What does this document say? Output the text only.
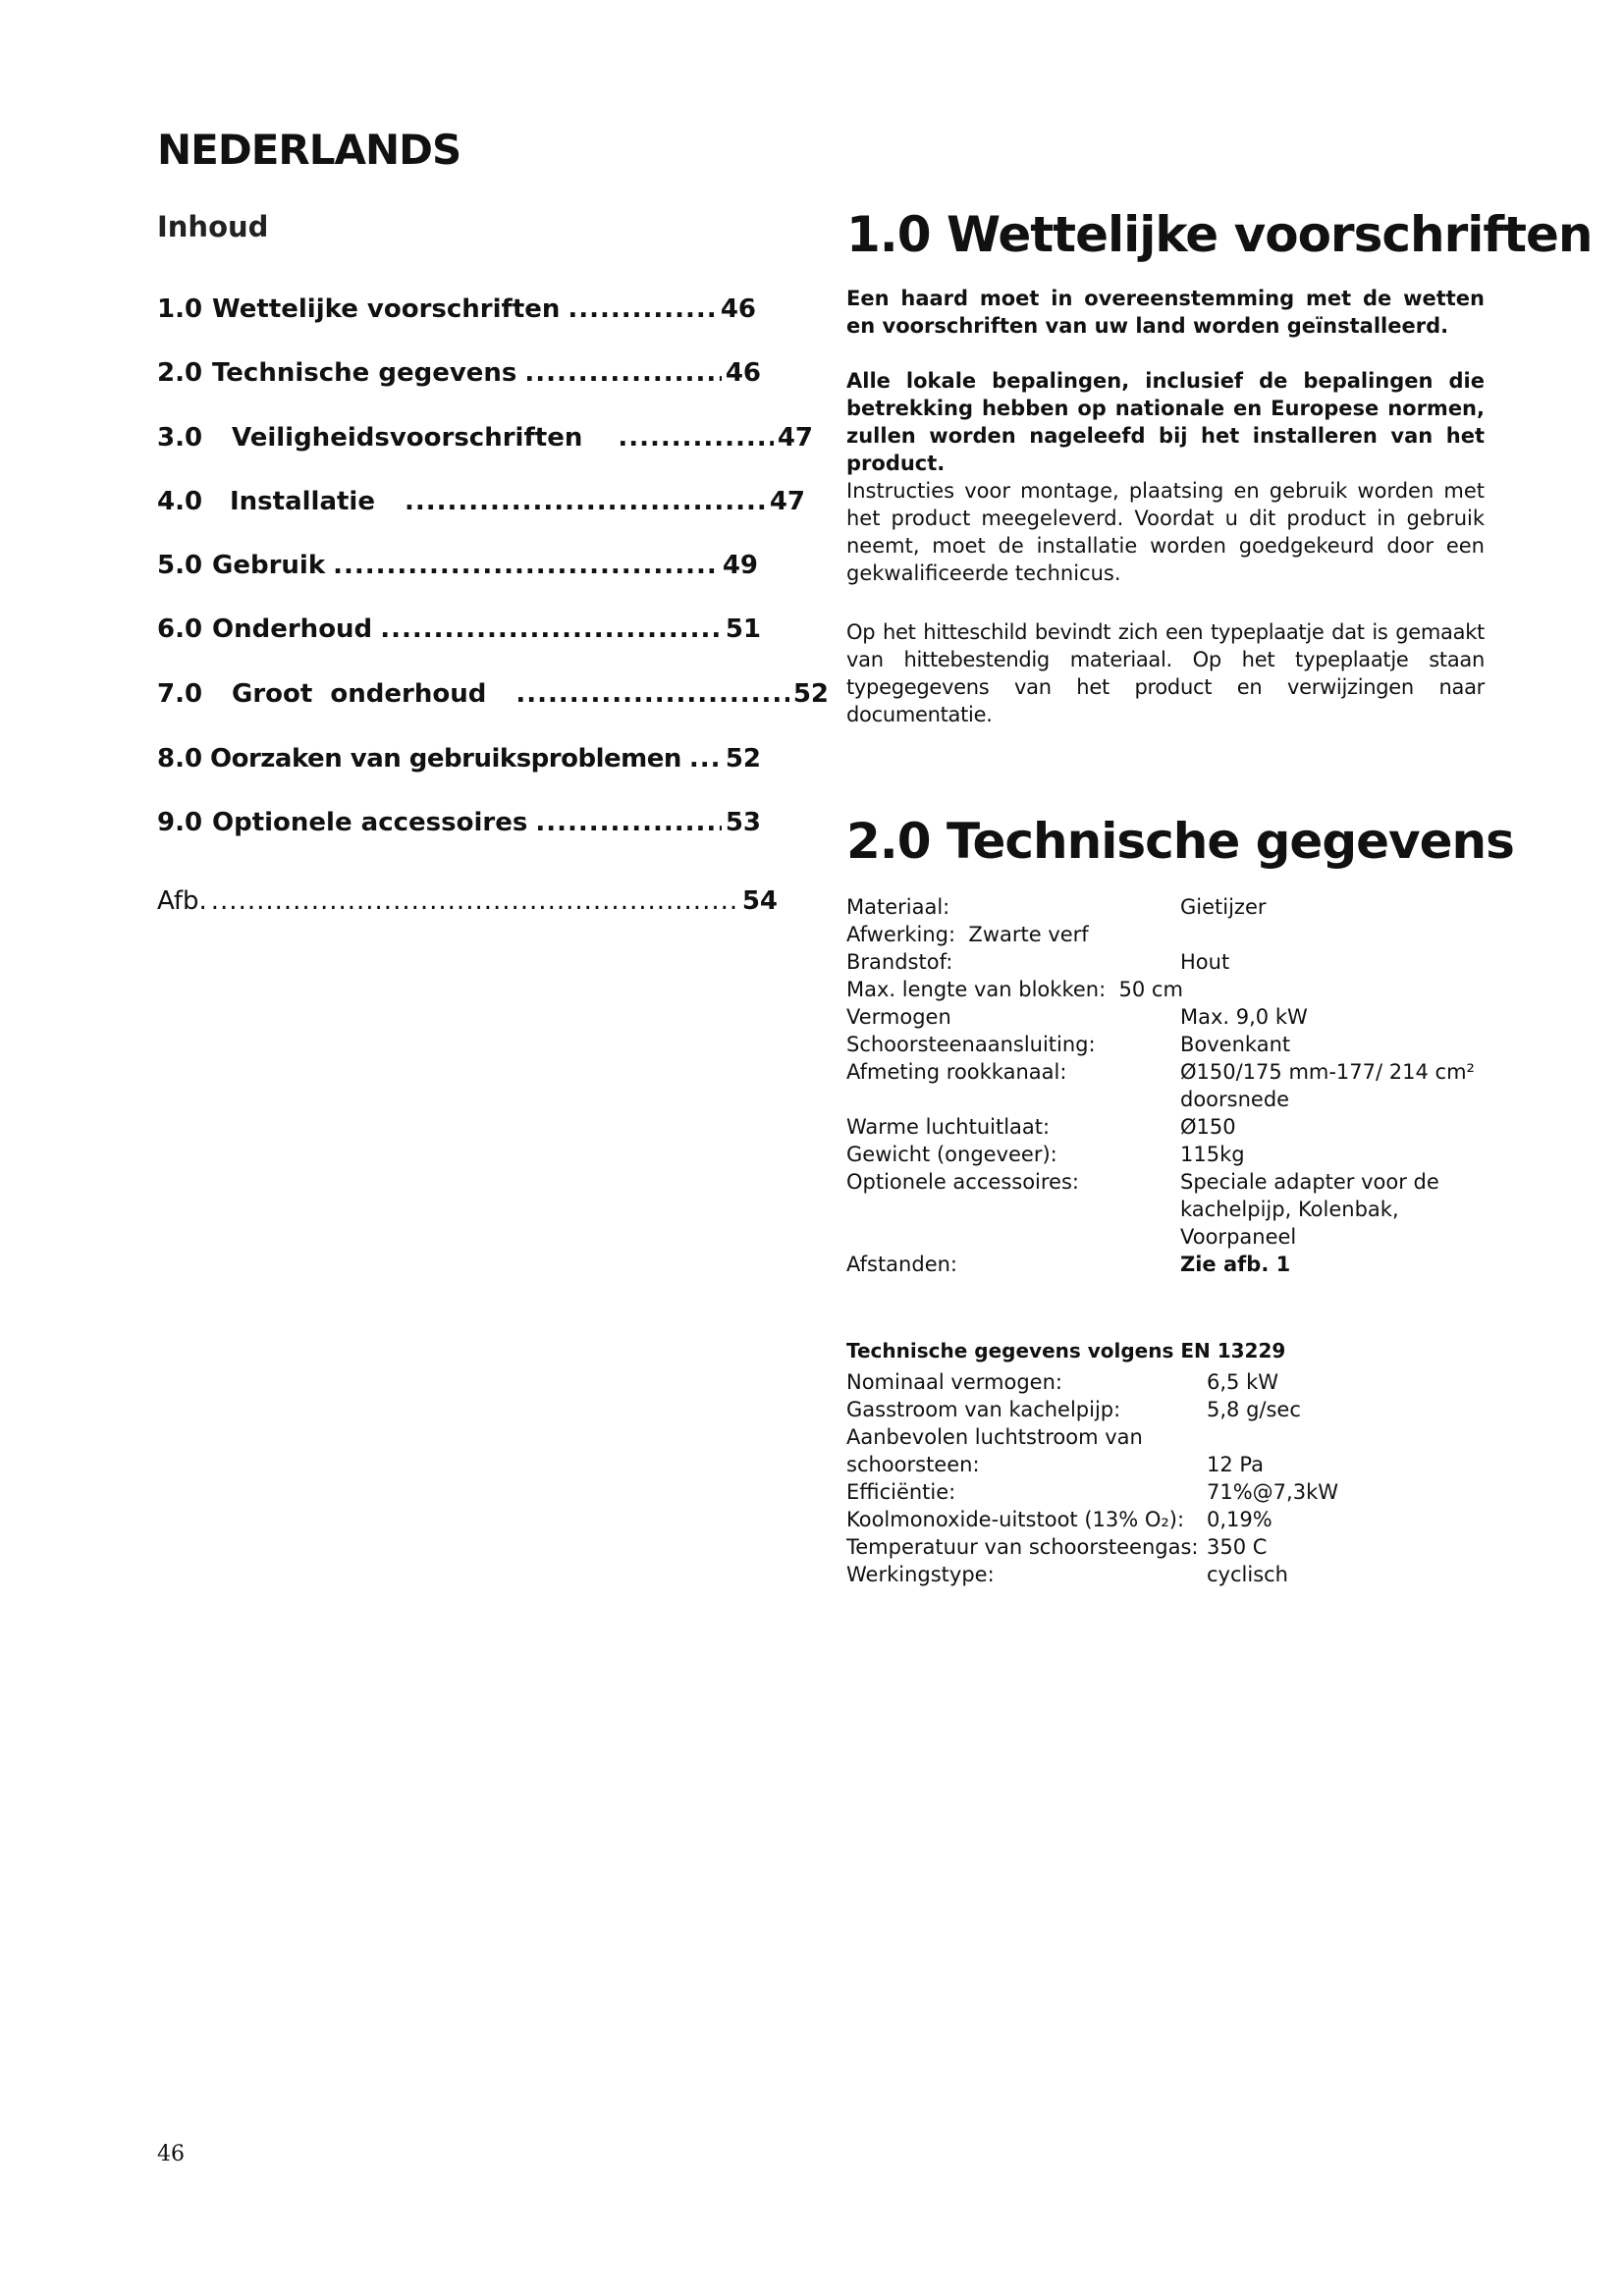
NEDERLANDS
Inhoud
1.0 Wettelijke voorschriften .....	46
2.0 Technische gegevens .....	46
3.0	Veiligheidsvoorschriften .....	47
4.0	Installatie .....	47
5.0 Gebruik .....	49
6.0 Onderhoud .....	51
7.0	Groot  onderhoud .....	52
8.0 Oorzaken van gebruiksproblemen ..... 52
9.0 Optionele accessoires .....	53
Afb. .....	54
1.0 Wettelijke voorschriften

Een haard moet in overeenstemming met de wetten en voorschriften van uw land worden geïnstalleerd.

Alle lokale bepalingen, inclusief de bepalingen die betrekking hebben op nationale en Europese normen, zullen worden nageleefd bij het installeren van het product.

Instructies voor montage, plaatsing en gebruik worden met het product meegeleverd. Voordat u dit product in gebruik neemt, moet de installatie worden goedgekeurd door een gekwalificeerde technicus.

Op het hitteschild bevindt zich een typeplaatje dat is gemaakt van hittebestendig materiaal. Op het typeplaatje staan typegegevens van het product en verwijzingen naar documentatie.

2.0 Technische gegevens
Materiaal:	Gietijzer
Afwerking:  Zwarte verf
Brandstof:	Hout
Max. lengte van blokken:  50 cm
Vermogen	Max. 9,0 kW
Schoorsteenaansluiting:	Bovenkant
Afmeting rookkanaal:	Ø150/175 mm-177/ 214 cm² doorsnede
Warme luchtuitlaat:	Ø150
Gewicht (ongeveer):	115kg
Optionele accessoires:	Speciale adapter voor de kachelpijp, Kolenbak, Voorpaneel
Afstanden:	Zie afb. 1
Technische gegevens volgens EN 13229
Nominaal vermogen:	6,5 kW
Gasstroom van kachelpijp:	5,8 g/sec
Aanbevolen luchtstroom van
schoorsteen:	12 Pa
Efficiëntie:	71%@7,3kW
Koolmonoxide-uitstoot (13% O₂):	0,19%
Temperatuur van schoorsteengas: 350 C
Werkingstype:	cyclisch
46
